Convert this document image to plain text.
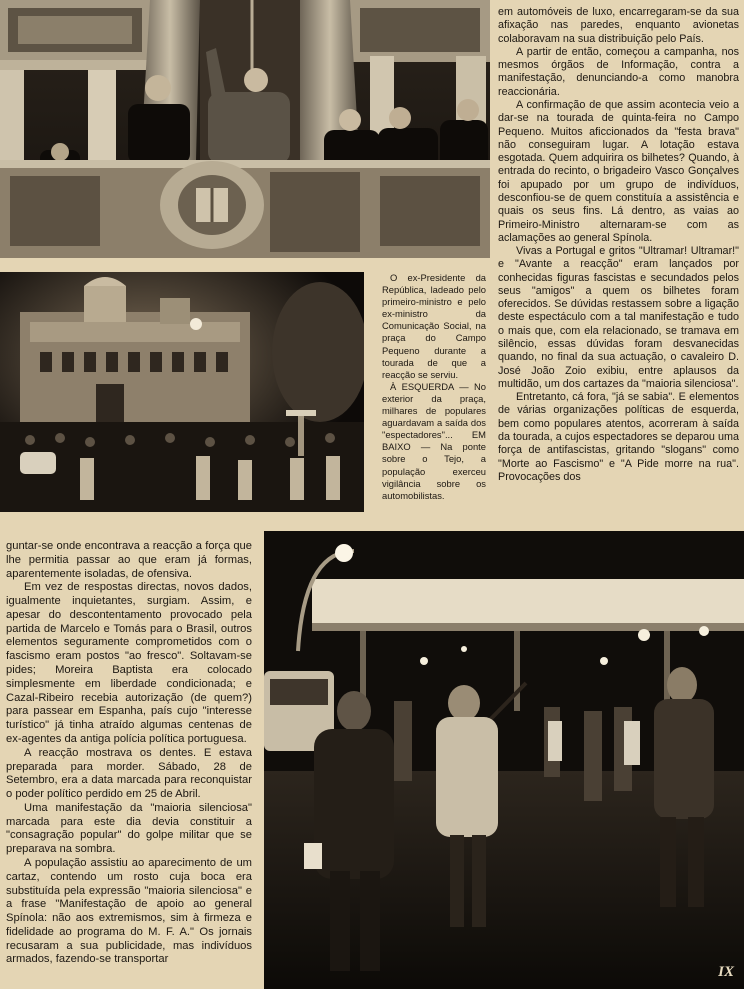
IX

em automóveis de luxo, encarregaram-se da sua afixação nas paredes, enquanto avionetas colaboravam na sua distribuição pelo País.

A partir de então, começou a campanha, nos mesmos órgãos de Informação, contra a manifestação, denunciando-a como manobra reaccionária.

A confirmação de que assim acontecia veio a dar-se na tourada de quinta-feira no Campo Pequeno. Muitos aficcionados da "festa brava" não conseguiram lugar. A lotação estava esgotada. Quem adquirira os bilhetes? Quando, à entrada do recinto, o brigadeiro Vasco Gonçalves foi apupado por um grupo de indivíduos, desconfiou-se de quem constituía a assistência e quais os seus fins. Lá dentro, as vaias ao Primeiro-Ministro alternaram-se com as aclamações ao general Spínola.

Vivas a Portugal e gritos "Ultramar! Ultramar!" e "Avante a reacção" eram lançados por conhecidas figuras fascistas e secundados pelos seus "amigos" a quem os bilhetes foram oferecidos. Se dúvidas restassem sobre a ligação deste espectáculo com a tal manifestação e tudo o mais que, com ela relacionado, se tramava em silêncio, essas dúvidas foram desvanecidas quando, no final da sua actuação, o cavaleiro D. José João Zoio exibiu, entre aplausos da multidão, um dos cartazes da "maioria silenciosa".

Entretanto, cá fora, "já se sabia". E elementos de várias organizações políticas de esquerda, bem como populares atentos, acorreram à saída da tourada, a cujos espectadores se deparou uma força de antifascistas, gritando "slogans" como "Morte ao Fascismo" e "A Pide morre na rua". Provocações dos

O ex-Presidente da República, ladeado pelo primeiro-ministro e pelo ex-ministro da Comunicação Social, na praça do Campo Pequeno durante a tourada de que a reacção se serviu.

À ESQUERDA — No exterior da praça, milhares de populares aguardavam a saída dos "espectadores"... EM BAIXO — Na ponte sobre o Tejo, a população exerceu vigilância sobre os automobilistas.

guntar-se onde encontrava a reacção a força que lhe permitia passar ao que eram já formas, aparentemente isoladas, de ofensiva.

Em vez de respostas directas, novos dados, igualmente inquietantes, surgiam. Assim, e apesar do descontentamento provocado pela partida de Marcelo e Tomás para o Brasil, outros elementos seguramente comprometidos com o fascismo eram postos "ao fresco". Soltavam-se pides; Moreira Baptista era colocado simplesmente em liberdade condicionada; e Cazal-Ribeiro recebia autorização (de quem?) para passear em Espanha, país cujo "interesse turístico" já tinha atraído algumas centenas de ex-agentes da antiga polícia política portuguesa.

A reacção mostrava os dentes. E estava preparada para morder. Sábado, 28 de Setembro, era a data marcada para reconquistar o poder político perdido em 25 de Abril.

Uma manifestação da "maioria silenciosa" marcada para este dia devia constituir a "consagração popular" do golpe militar que se preparava na sombra.

A população assistiu ao aparecimento de um cartaz, contendo um rosto cuja boca era substituída pela expressão "maioria silenciosa" e a frase "Manifestação de apoio ao general Spínola: não aos extremismos, sim à firmeza e fidelidade ao programa do M. F. A." Os jornais recusaram a sua publicidade, mas indivíduos armados, fazendo-se transportar
